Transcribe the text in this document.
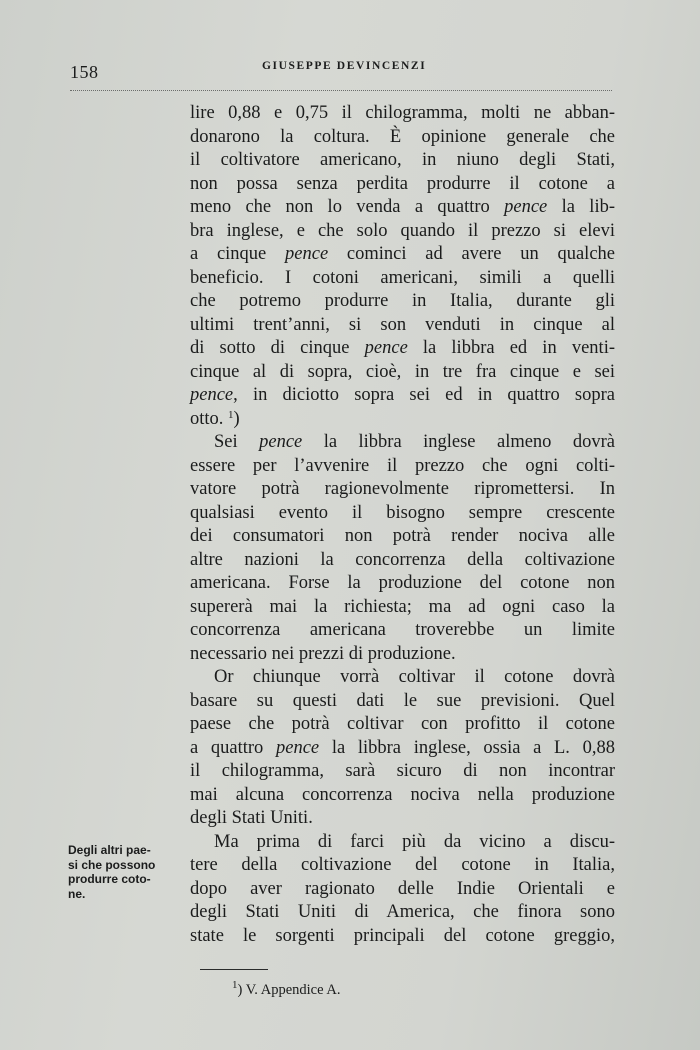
158	GIUSEPPE DEVINCENZI
lire 0,88 e 0,75 il chilogramma, molti ne abban-
donarono la coltura. È opinione generale che
il coltivatore americano, in niuno degli Stati,
non possa senza perdita produrre il cotone a
meno che non lo venda a quattro pence la lib-
bra inglese, e che solo quando il prezzo si elevi
a cinque pence cominci ad avere un qualche
beneficio. I cotoni americani, simili a quelli
che potremo produrre in Italia, durante gli
ultimi trent’anni, si son venduti in cinque al
di sotto di cinque pence la libbra ed in venti-
cinque al di sopra, cioè, in tre fra cinque e sei
pence, in diciotto sopra sei ed in quattro sopra
otto. $^1$)
Sei pence la libbra inglese almeno dovrà
essere per l’avvenire il prezzo che ogni colti-
vatore potrà ragionevolmente ripromettersi. In
qualsiasi evento il bisogno sempre crescente
dei consumatori non potrà render nociva alle
altre nazioni la concorrenza della coltivazione
americana. Forse la produzione del cotone non
supererà mai la richiesta; ma ad ogni caso la
concorrenza americana troverebbe un limite
necessario nei prezzi di produzione.
Or chiunque vorrà coltivar il cotone dovrà
basare su questi dati le sue previsioni. Quel
paese che potrà coltivar con profitto il cotone
a quattro pence la libbra inglese, ossia a L. 0,88
il chilogramma, sarà sicuro di non incontrar
mai alcuna concorrenza nociva nella produzione
degli Stati Uniti.
Ma prima di farci più da vicino a discu-
tere della coltivazione del cotone in Italia,
dopo aver ragionato delle Indie Orientali e
degli Stati Uniti di America, che finora sono
state le sorgenti principali del cotone greggio,
Degli altri pae-
si che possono
produrre coto-
ne.
$^1$) V. Appendice A.
